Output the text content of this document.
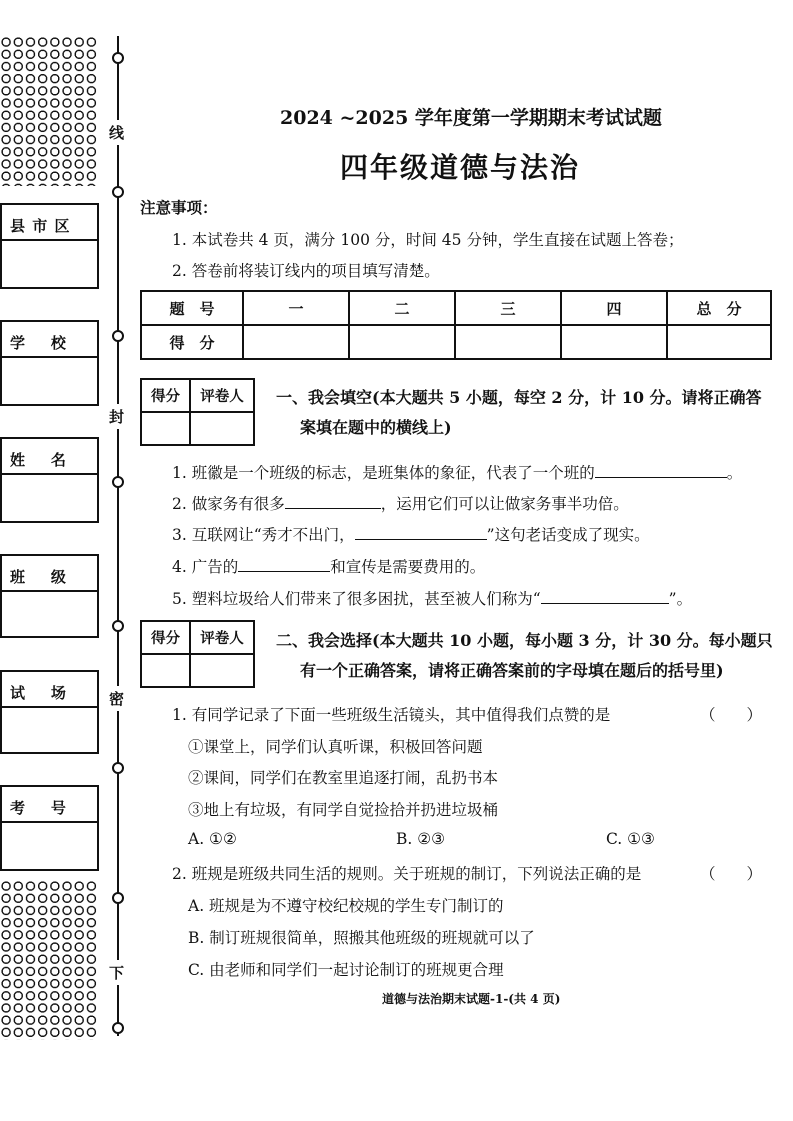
县 市 区
学    校
姓    名
班    级
试    场
考    号
线
封
密
下
2024 ~2025 学年度第一学期期末考试试题
四年级道德与法治
注意事项：
1. 本试卷共 4 页，满分 100 分，时间 45 分钟，学生直接在试题上答卷；
2. 答卷前将装订线内的项目填写清楚。
题　号	一	二	三	四	总　分
得　分					
得分	评卷人
	一、我会填空(本大题共 5 小题，每空 2 分，计 10 分。请将正确答
案填在题中的横线上)
1. 班徽是一个班级的标志，是班集体的象征，代表了一个班的	。
2. 做家务有很多	，运用它们可以让做家务事半功倍。
3. 互联网让“秀才不出门，	”这句老话变成了现实。
4. 广告的	和宣传是需要费用的。
5. 塑料垃圾给人们带来了很多困扰，甚至被人们称为“	”。
得分	评卷人
	二、我会选择(本大题共 10 小题，每小题 3 分，计 30 分。每小题只
有一个正确答案，请将正确答案前的字母填在题后的括号里)
1. 有同学记录了下面一些班级生活镜头，其中值得我们点赞的是	（　　）
①课堂上，同学们认真听课，积极回答问题
②课间，同学们在教室里追逐打闹，乱扔书本
③地上有垃圾，有同学自觉捡拾并扔进垃圾桶
A. ①②	B. ②③	C. ①③
2. 班规是班级共同生活的规则。关于班规的制订，下列说法正确的是	（　　）
A. 班规是为不遵守校纪校规的学生专门制订的
B. 制订班规很简单，照搬其他班级的班规就可以了
C. 由老师和同学们一起讨论制订的班规更合理
道德与法治期末试题-1-(共 4 页)
